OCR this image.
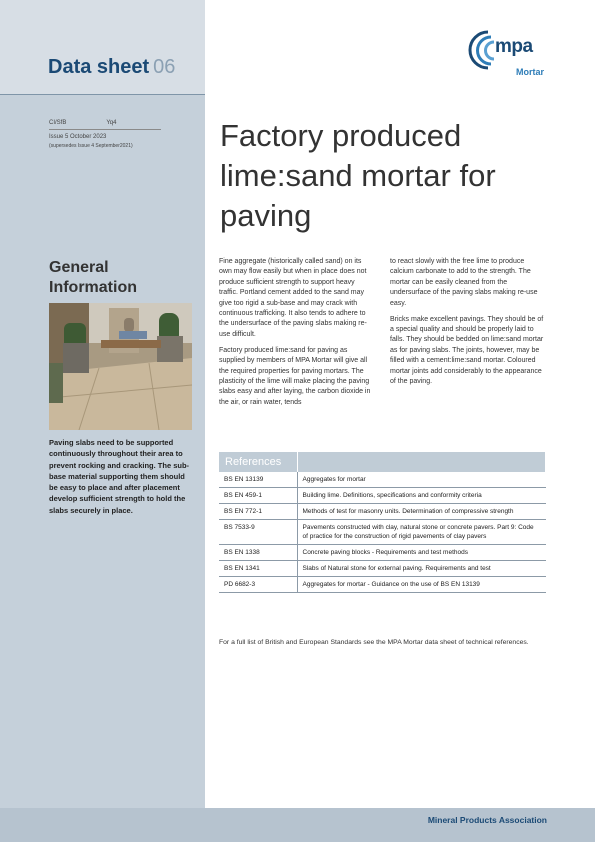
Data sheet 06
mpa
Mortar
CI/SfB	Yq4
Issue 5 October 2023
(supersedes Issue 4 September2021)	Factory produced lime:sand mortar for paving
General Information
Paving slabs need to be supported continuously throughout their area to prevent rocking and cracking. The sub-base material supporting them should be easy to place and after placement develop sufficient strength to hold the slabs securely in place.

Fine aggregate (historically called sand) on its own may flow easily but when in place does not produce sufficient strength to support heavy traffic. Portland cement added to the sand may give too rigid a sub-base and may crack with continuous trafficking. It also tends to adhere to the undersurface of the paving slabs making re-use difficult.

Factory produced lime:sand for paving as supplied by members of MPA Mortar will give all the required properties for paving mortars. The plasticity of the lime will make placing the paving slabs easy and after laying, the carbon dioxide in the air, or rain water, tends

to react slowly with the free lime to produce calcium carbonate to add to the strength. The mortar can be easily cleaned from the undersurface of the paving slabs making re-use easy.

Bricks make excellent pavings. They should be of a special quality and should be properly laid to falls. They should be bedded on lime:sand mortar as for paving slabs. The joints, however, may be filled with a cement:lime:sand mortar. Coloured mortar joints add considerably to the appearance of the paving.

References	
BS EN 13139	Aggregates for mortar
BS EN 459-1	Building lime. Definitions, specifications and conformity criteria
BS EN 772-1	Methods of test for masonry units. Determination of compressive strength
BS 7533-9	Pavements constructed with clay, natural stone or concrete pavers. Part 9: Code of practice for the construction of rigid pavements of clay pavers
BS EN 1338	Concrete paving blocks - Requirements and test methods
BS EN 1341	Slabs of Natural stone for external paving. Requirements and test
PD 6682-3	Aggregates for mortar - Guidance on the use of BS EN 13139

For a full list of British and European Standards see the MPA Mortar data sheet of technical references.

Mineral Products Association
